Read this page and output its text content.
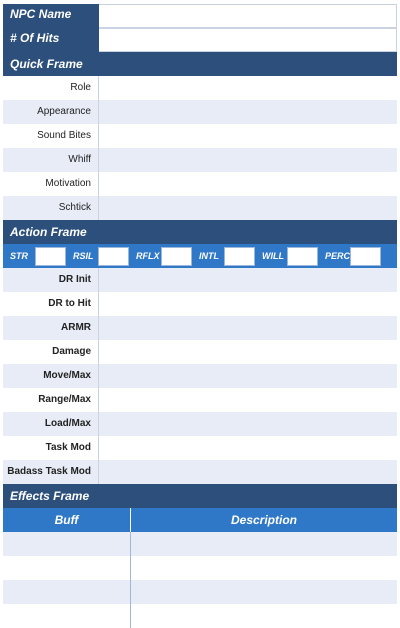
NPC Name
# Of Hits
Quick Frame
Role
Appearance
Sound Bites
Whiff
Motivation
Schtick
Action Frame
STR	RSIL	RFLX	INTL	WILL	PERC
DR Init
DR to Hit
ARMR
Damage
Move/Max
Range/Max
Load/Max
Task Mod
Badass Task Mod
Effects Frame
Buff	Description
